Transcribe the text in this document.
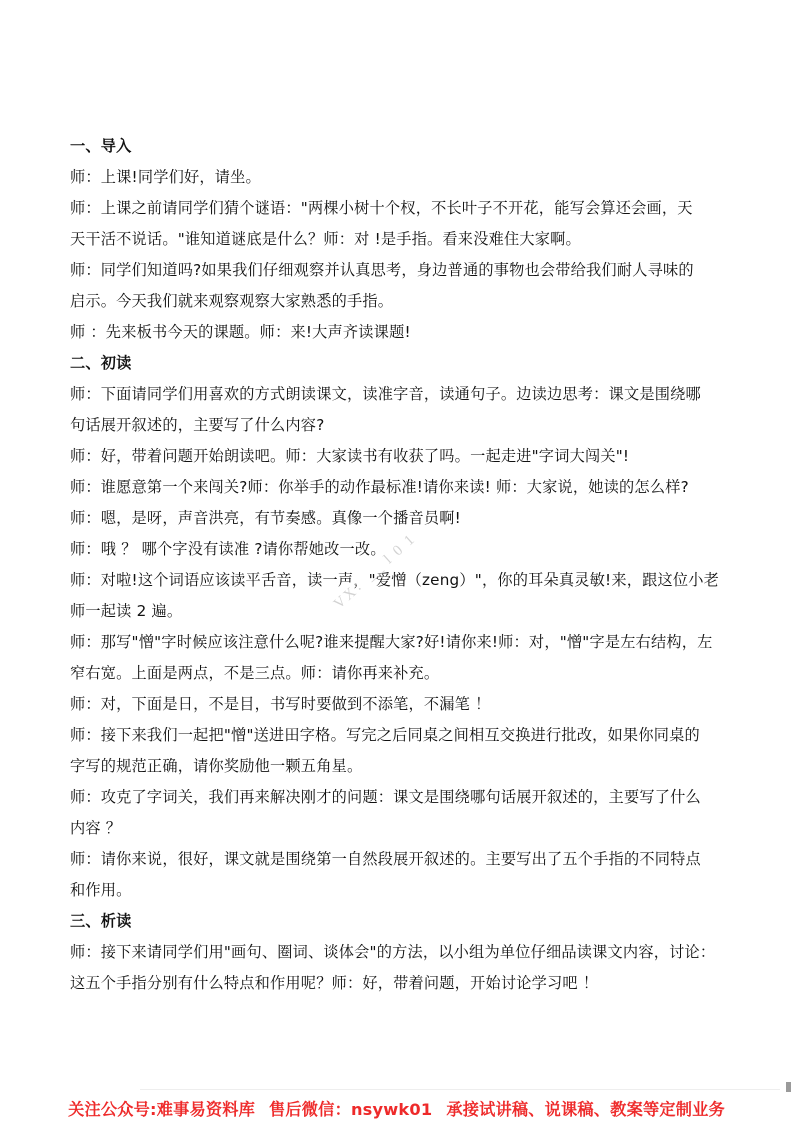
一、导入
师：上课!同学们好，请坐。
师：上课之前请同学们猜个谜语："两棵小树十个杈，不长叶子不开花，能写会算还会画，天
天干活不说话。"谁知道谜底是什么？师：对 !是手指。看来没难住大家啊。
师：同学们知道吗?如果我们仔细观察并认真思考，身边普通的事物也会带给我们耐人寻味的
启示。今天我们就来观察观察大家熟悉的手指。
师 ：先来板书今天的课题。师：来!大声齐读课题!
二、初读
师：下面请同学们用喜欢的方式朗读课文，读准字音，读通句子。边读边思考：课文是围绕哪
句话展开叙述的，主要写了什么内容?
师：好，带着问题开始朗读吧。师：大家读书有收获了吗。一起走进"字词大闯关"!
师：谁愿意第一个来闯关?师：你举手的动作最标准!请你来读! 师：大家说，她读的怎么样?
师：嗯，是呀，声音洪亮，有节奏感。真像一个播音员啊!
师：哦 ？ 哪个字没有读准 ?请你帮她改一改。
师：对啦!这个词语应该读平舌音，读一声，"爱憎（zeng）"，你的耳朵真灵敏!来，跟这位小老
师一起读 2 遍。
师：那写"憎"字时候应该注意什么呢?谁来提醒大家?好!请你来!师：对，"憎"字是左右结构，左
窄右宽。上面是两点，不是三点。师：请你再来补充。
师：对，下面是日，不是目，书写时要做到不添笔，不漏笔 ！
师：接下来我们一起把"憎"送进田字格。写完之后同桌之间相互交换进行批改，如果你同桌的
字写的规范正确，请你奖励他一颗五角星。
师：攻克了字词关，我们再来解决刚才的问题：课文是围绕哪句话展开叙述的，主要写了什么
内容 ？
师：请你来说，很好，课文就是围绕第一自然段展开叙述的。主要写出了五个手指的不同特点
和作用。
三、析读
师：接下来请同学们用"画句、圈词、谈体会"的方法，以小组为单位仔细品读课文内容，讨论：
这五个手指分别有什么特点和作用呢？师：好，带着问题，开始讨论学习吧 ！
VX：__ l 0 1
关注公众号:难事易资料库 售后微信：nsywk01 承接试讲稿、说课稿、教案等定制业务
